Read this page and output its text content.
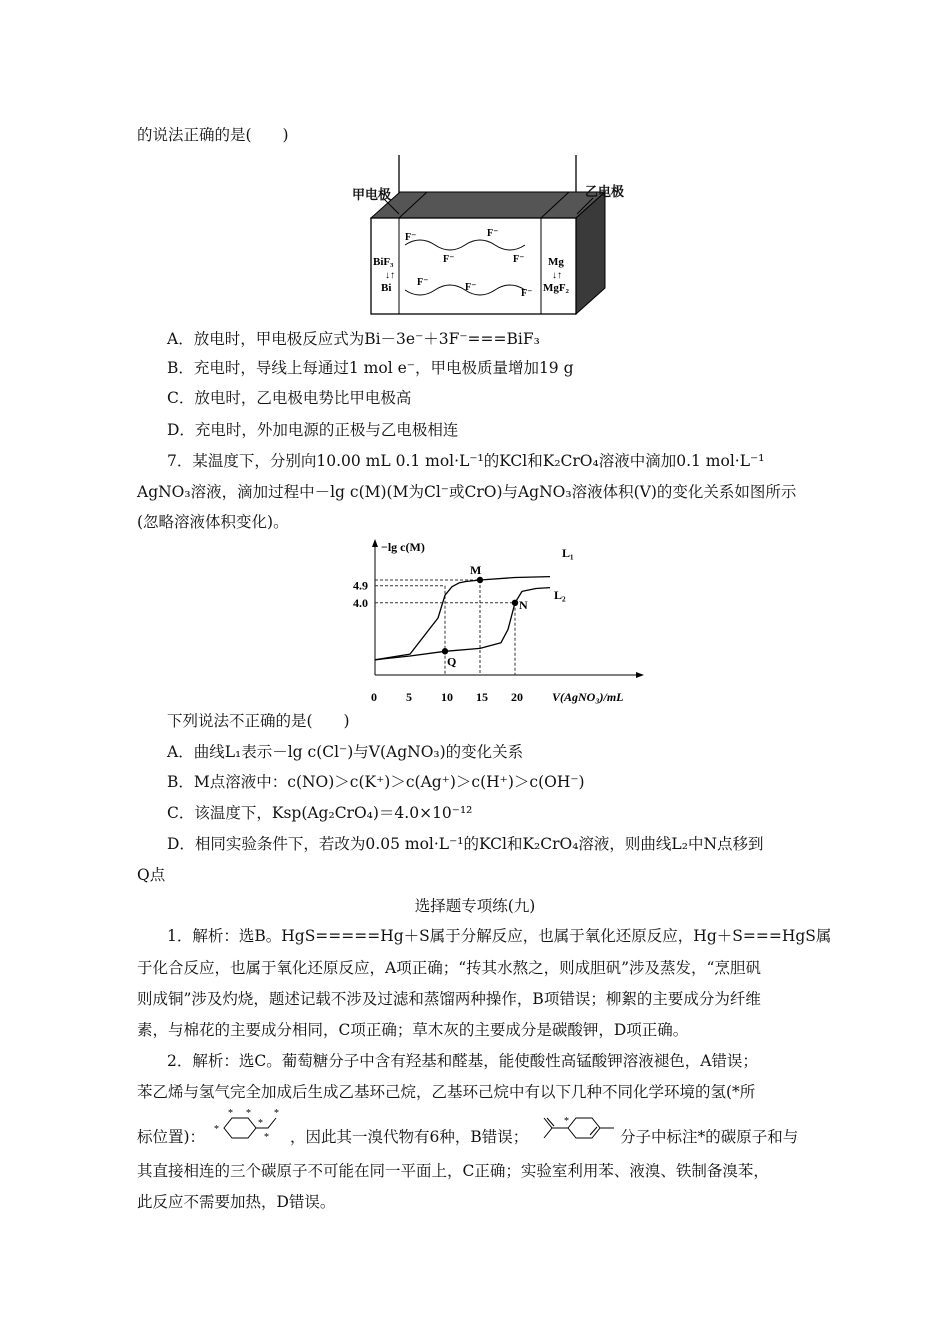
的说法正确的是(　　)
F⁻	F⁻
F⁻	F⁻
F⁻	F⁻
F⁻
BiF₃
Bi
Mg
MgF₂
↓↑	↓↑
甲电极	乙电极
A．放电时，甲电极反应式为Bi－3e⁻＋3F⁻===BiF₃
B．充电时，导线上每通过1 mol e⁻，甲电极质量增加19 g
C．放电时，乙电极电势比甲电极高
D．充电时，外加电源的正极与乙电极相连
7．某温度下，分别向10.00 mL 0.1 mol·L⁻¹的KCl和K₂CrO₄溶液中滴加0.1 mol·L⁻¹
AgNO₃溶液，滴加过程中－lg c(M)(M为Cl⁻或CrO)与AgNO₃溶液体积(V)的变化关系如图所示
(忽略溶液体积变化)。
−lg c(M)
V(AgNO₃)/mL
0 5 10 15 20
4.9
4.0
L₁
L₂
M
N
Q
下列说法不正确的是(　　)
A．曲线L₁表示－lg c(Cl⁻)与V(AgNO₃)的变化关系
B．M点溶液中：c(NO)＞c(K⁺)＞c(Ag⁺)＞c(H⁺)＞c(OH⁻)
C．该温度下，Ksp(Ag₂CrO₄)＝4.0×10⁻¹²
D．相同实验条件下，若改为0.05 mol·L⁻¹的KCl和K₂CrO₄溶液，则曲线L₂中N点移到
Q点
选择题专项练(九)
1．解析：选B。HgS=====Hg＋S属于分解反应，也属于氧化还原反应，Hg＋S===HgS属
于化合反应，也属于氧化还原反应，A项正确；“抟其水熬之，则成胆矾”涉及蒸发，“烹胆矾
则成铜”涉及灼烧，题述记载不涉及过滤和蒸馏两种操作，B项错误；柳絮的主要成分为纤维
素，与棉花的主要成分相同，C项正确；草木灰的主要成分是碳酸钾，D项正确。
2．解析：选C。葡萄糖分子中含有羟基和醛基，能使酸性高锰酸钾溶液褪色，A错误；
苯乙烯与氢气完全加成后生成乙基环己烷，乙基环己烷中有以下几种不同化学环境的氢(*所
标位置)： *
* *
*
*
*
，因此其一溴代物有6种，B错误；
*
分子中标注*的碳原子和与
其直接相连的三个碳原子不可能在同一平面上，C正确；实验室利用苯、液溴、铁制备溴苯，
此反应不需要加热，D错误。
